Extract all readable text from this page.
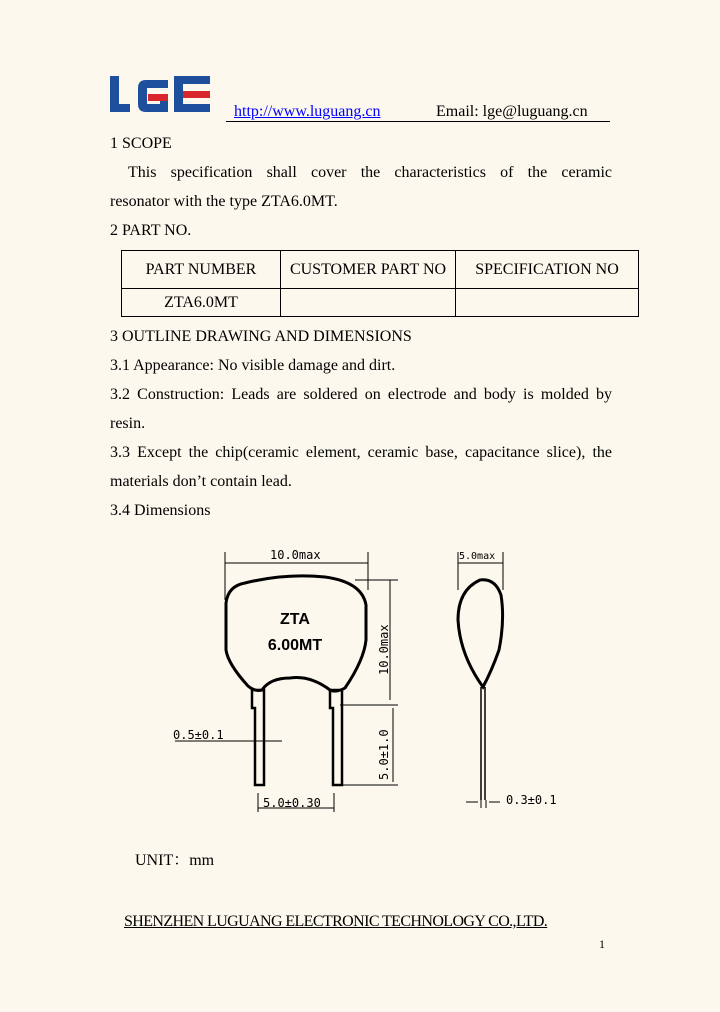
http://www.luguang.cn	Email: lge@luguang.cn
1 SCOPE
This specification shall cover the characteristics of the ceramic
resonator with the type ZTA6.0MT.
2 PART NO.
PART NUMBER	CUSTOMER PART NO	SPECIFICATION NO
ZTA6.0MT		
3 OUTLINE DRAWING AND DIMENSIONS
3.1 Appearance: No visible damage and dirt.
3.2 Construction: Leads are soldered on electrode and body is molded by
resin.
3.3 Except the chip(ceramic element, ceramic base, capacitance slice), the
materials don’t contain lead.
3.4 Dimensions
ZTA
6.00MT
10.0max
10.0max
5.0±1.0
0.5±0.1
5.0±0.30
5.0max
0.3±0.1
UNIT：mm
SHENZHEN LUGUANG ELECTRONIC TECHNOLOGY CO.,LTD.
1
